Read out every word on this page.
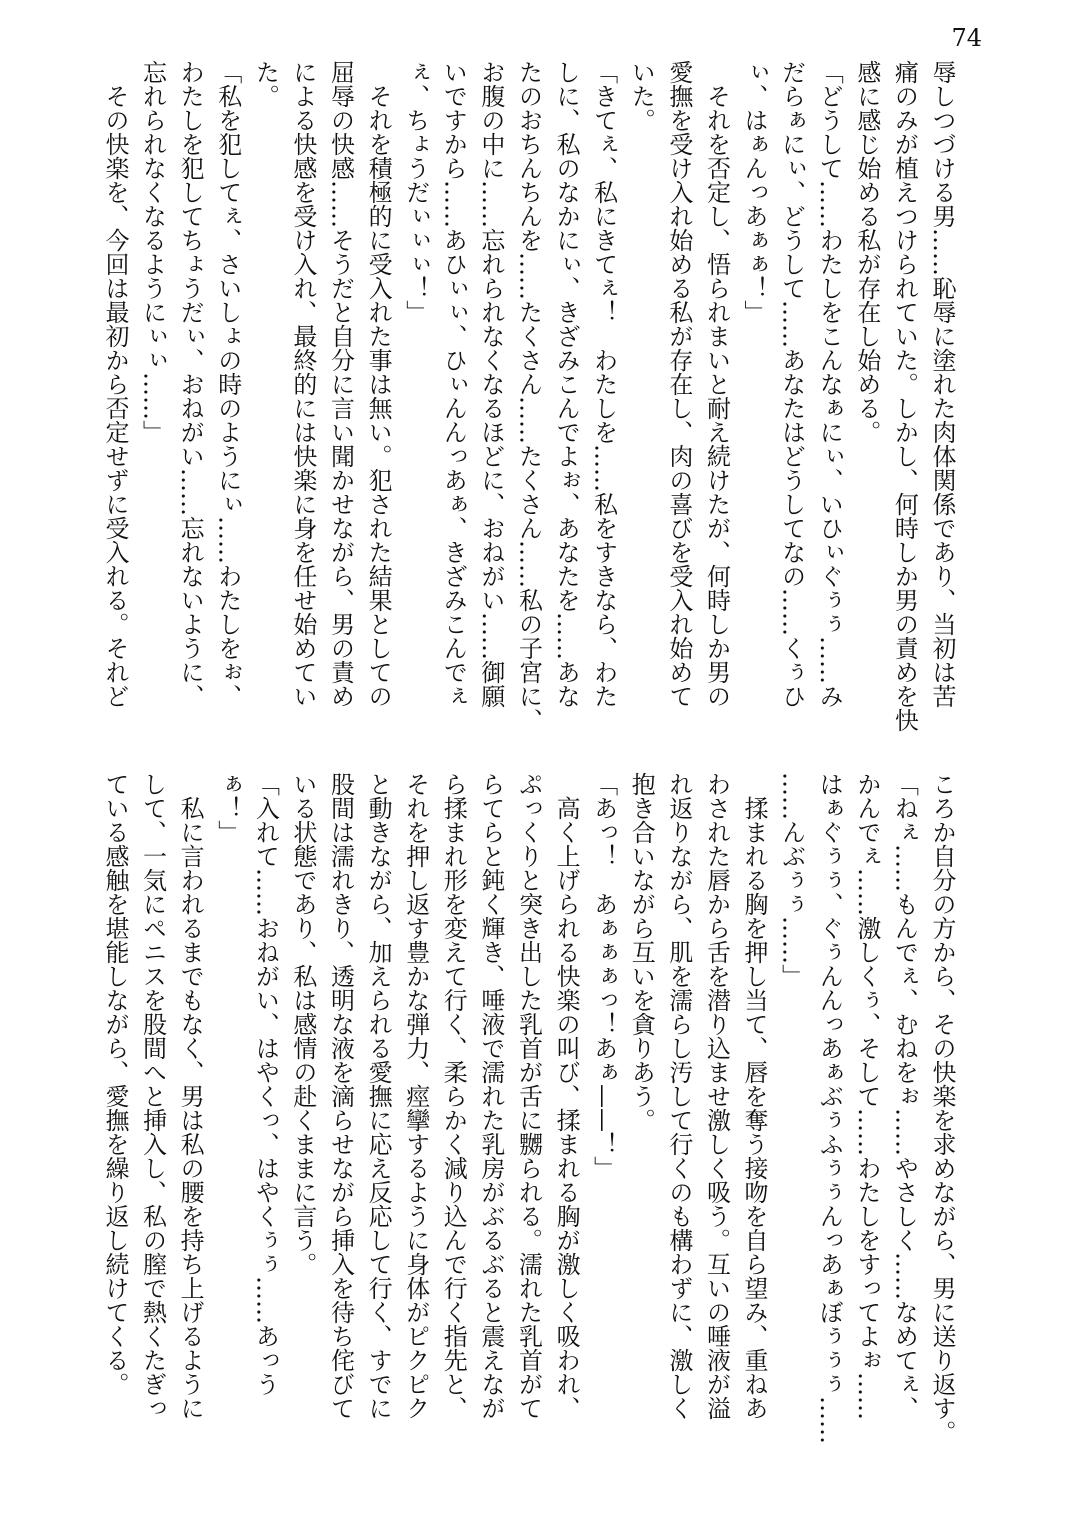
74
辱しつづける男……恥辱に塗れた肉体関係であり、当初は苦
痛のみが植えつけられていた。しかし、何時しか男の責めを快
感に感じ始める私が存在し始める。
「どうして……わたしをこんなぁにぃ、いひぃぐぅぅ……み
だらぁにぃ、どうして……あなたはどうしてなの……くぅひ
ぃ、はぁんっあぁぁ！」
　それを否定し、悟られまいと耐え続けたが、何時しか男の
愛撫を受け入れ始める私が存在し、肉の喜びを受入れ始めて
いた。
「きてぇ、私にきてぇ！　わたしを……私をすきなら、わた
しに、私のなかにぃ、きざみこんでよぉ、あなたを……あな
たのおちんちんを……たくさん……たくさん……私の子宮に、
お腹の中に……忘れられなくなるほどに、おねがい……御願
いですから……あひぃぃ、ひぃんんっあぁ、きざみこんでぇ
ぇ、ちょうだぃぃぃ！」
　それを積極的に受入れた事は無い。犯された結果としての
屈辱の快感……そうだと自分に言い聞かせながら、男の責め
による快感を受け入れ、最終的には快楽に身を任せ始めてい
た。
「私を犯してぇ、さいしょの時のようにぃ……わたしをぉ、
わたしを犯してちょうだぃ、おねがい……忘れないように、
忘れられなくなるようにぃぃ……」
　その快楽を、今回は最初から否定せずに受入れる。それど
ころか自分の方から、その快楽を求めながら、男に送り返す。
「ねぇ……もんでぇ、むねをぉ……やさしく……なめてぇ、
かんでぇ……激しくぅ、そして……わたしをすってよぉ……
はぁぐぅぅ、ぐぅんんっあぁぶぅふぅぅんっあぁぼぅぅぅ……
……んぶぅぅ……」
　揉まれる胸を押し当て、唇を奪う接吻を自ら望み、重ねあ
わされた唇から舌を潜り込ませ激しく吸う。互いの唾液が溢
れ返りながら、肌を濡らし汚して行くのも構わずに、激しく
抱き合いながら互いを貪りあう。
「あっ！　あぁぁぁっ！あぁ——！」
　高く上げられる快楽の叫び、揉まれる胸が激しく吸われ、
ぷっくりと突き出した乳首が舌に嬲られる。濡れた乳首がて
らてらと鈍く輝き、唾液で濡れた乳房がぶるぶると震えなが
ら揉まれ形を変えて行く、柔らかく減り込んで行く指先と、
それを押し返す豊かな弾力、痙攣するように身体がピクピク
と動きながら、加えられる愛撫に応え反応して行く、すでに
股間は濡れきり、透明な液を滴らせながら挿入を待ち侘びて
いる状態であり、私は感情の赴くままに言う。
「入れて……おねがい、はやくっ、はやくぅぅ……あっう
ぁ！」
　私に言われるまでもなく、男は私の腰を持ち上げるように
して、一気にペニスを股間へと挿入し、私の膣で熱くたぎっ
ている感触を堪能しながら、愛撫を繰り返し続けてくる。
